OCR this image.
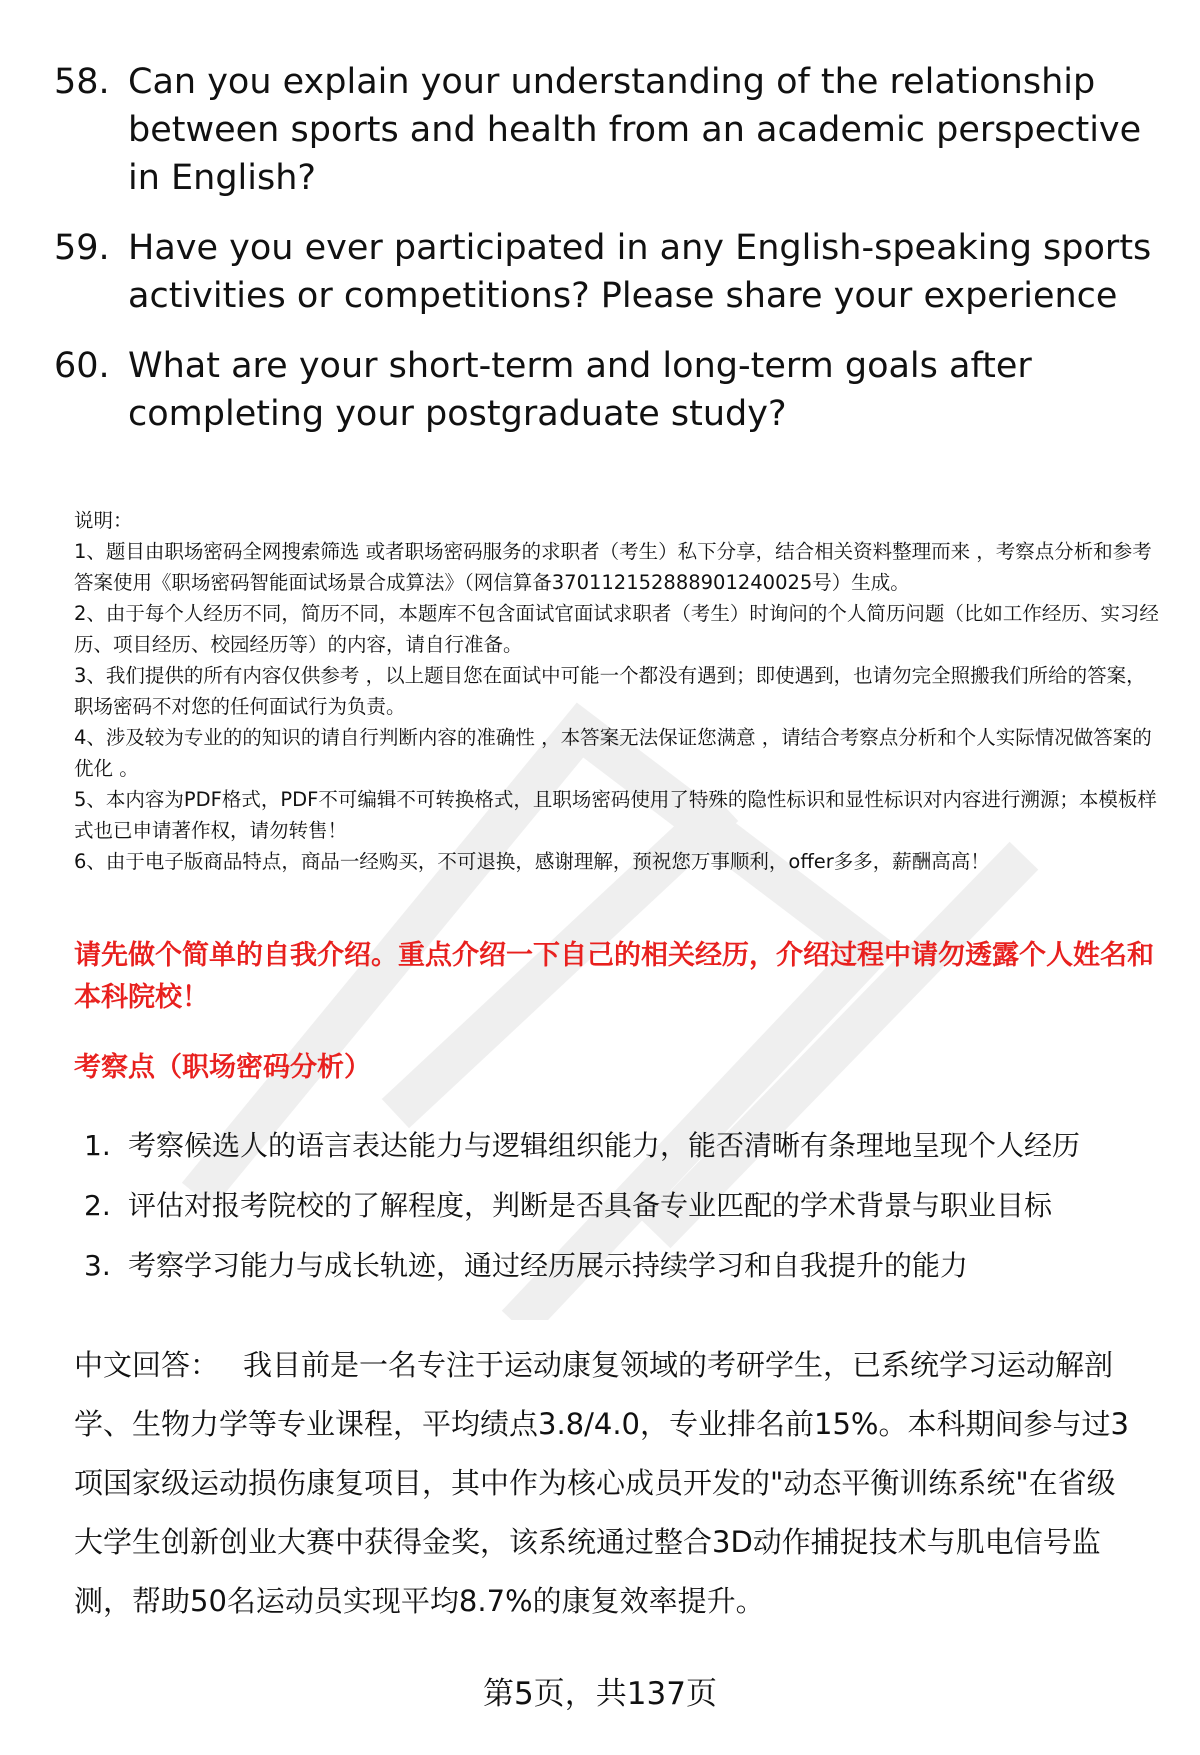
58. Can you explain your understanding of the relationship between sports and health from an academic perspective in English?
59. Have you ever participated in any English-speaking sports activities or competitions? Please share your experience
60. What are your short-term and long-term goals after completing your postgraduate study?

说明：

1、题目由职场密码全网搜索筛选 或者职场密码服务的求职者（考生）私下分享，结合相关资料整理而来 ，考察点分析和参考答案使用《职场密码智能面试场景合成算法》（网信算备370112152888901240025号）生成。

2、由于每个人经历不同，简历不同，本题库不包含面试官面试求职者（考生）时询问的个人简历问题（比如工作经历、实习经历、项目经历、校园经历等）的内容，请自行准备。

3、我们提供的所有内容仅供参考 ，以上题目您在面试中可能一个都没有遇到；即使遇到，也请勿完全照搬我们所给的答案，职场密码不对您的任何面试行为负责。

4、涉及较为专业的的知识的请自行判断内容的准确性 ，本答案无法保证您满意 ，请结合考察点分析和个人实际情况做答案的优化 。

5、本内容为PDF格式，PDF不可编辑不可转换格式，且职场密码使用了特殊的隐性标识和显性标识对内容进行溯源；本模板样式也已申请著作权，请勿转售！

6、由于电子版商品特点，商品一经购买，不可退换，感谢理解，预祝您万事顺利，offer多多，薪酬高高！

请先做个简单的自我介绍。重点介绍一下自己的相关经历，介绍过程中请勿透露个人姓名和本科院校！
考察点（职场密码分析）
1. 考察候选人的语言表达能力与逻辑组织能力，能否清晰有条理地呈现个人经历
2. 评估对报考院校的了解程度，判断是否具备专业匹配的学术背景与职业目标
3. 考察学习能力与成长轨迹，通过经历展示持续学习和自我提升的能力
中文回答： 我目前是一名专注于运动康复领域的考研学生，已系统学习运动解剖学、生物力学等专业课程，平均绩点3.8/4.0，专业排名前15%。本科期间参与过3项国家级运动损伤康复项目，其中作为核心成员开发的"动态平衡训练系统"在省级大学生创新创业大赛中获得金奖，该系统通过整合3D动作捕捉技术与肌电信号监测，帮助50名运动员实现平均8.7%的康复效率提升。
第5页，共137页
